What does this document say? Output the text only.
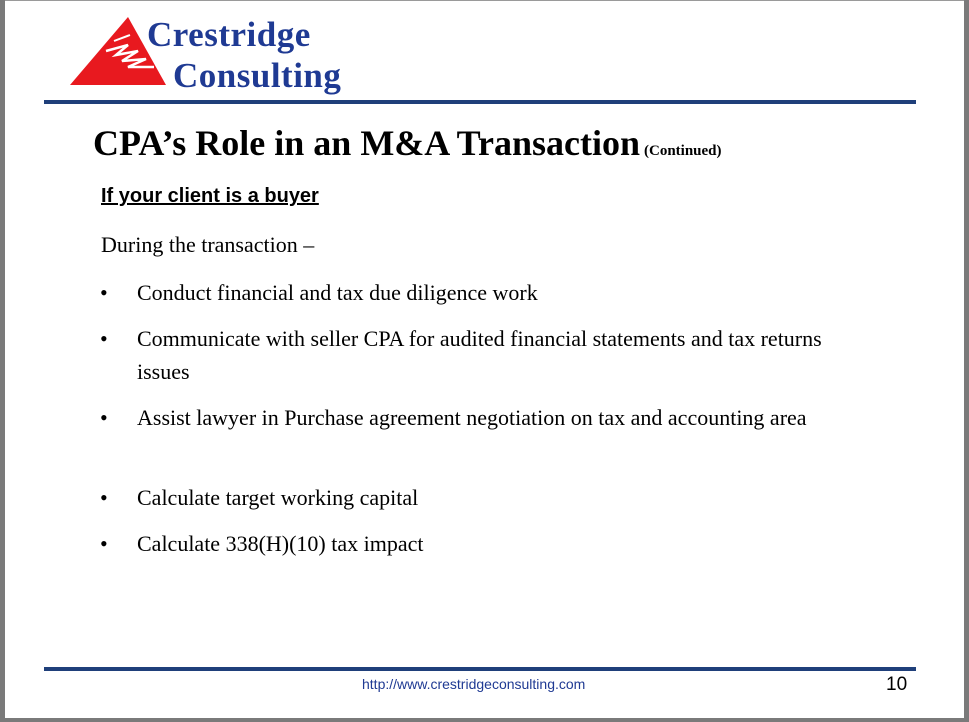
Crestridge
Consulting
CPA’s Role in an M&A Transaction (Continued)
If your client is a buyer
During the transaction –
•	Conduct financial and tax due diligence work
•	Communicate with seller CPA for audited financial statements and tax returns issues
•	Assist lawyer in Purchase agreement negotiation on tax and accounting area
•	Calculate target working capital
•	Calculate 338(H)(10) tax impact
http://www.crestridgeconsulting.com	10
